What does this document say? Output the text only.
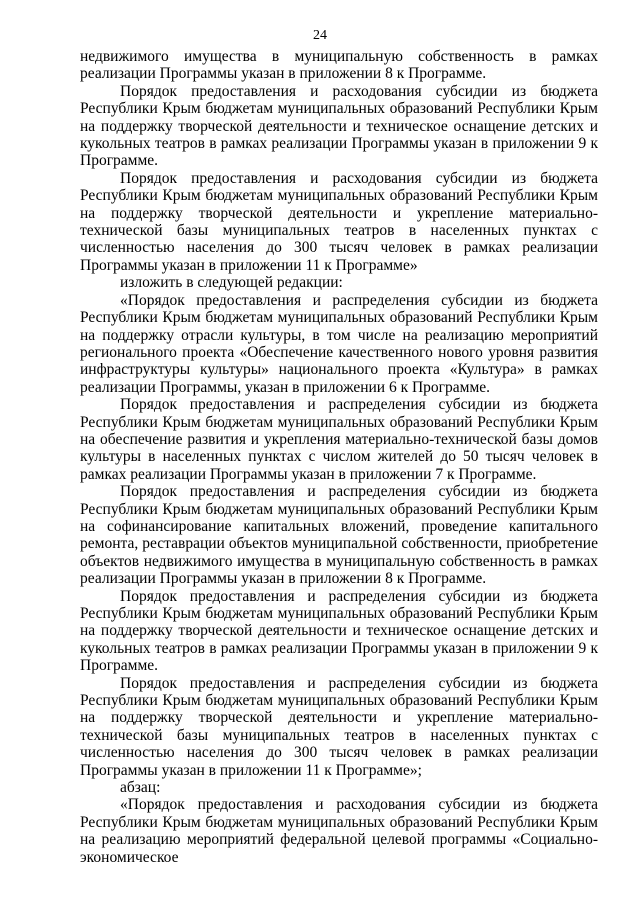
24

недвижимого имущества в муниципальную собственность в рамках реализации Программы указан в приложении 8 к Программе.

Порядок предоставления и расходования субсидии из бюджета Республики Крым бюджетам муниципальных образований Республики Крым на поддержку творческой деятельности и техническое оснащение детских и кукольных театров в рамках реализации Программы указан в приложении 9 к Программе.

Порядок предоставления и расходования субсидии из бюджета Республики Крым бюджетам муниципальных образований Республики Крым на поддержку творческой деятельности и укрепление материально-технической базы муниципальных театров в населенных пунктах с численностью населения до 300 тысяч человек в рамках реализации Программы указан в приложении 11 к Программе»

изложить в следующей редакции:

«Порядок предоставления и распределения субсидии из бюджета Республики Крым бюджетам муниципальных образований Республики Крым на поддержку отрасли культуры, в том числе на реализацию мероприятий регионального проекта «Обеспечение качественного нового уровня развития инфраструктуры культуры» национального проекта «Культура» в рамках реализации Программы, указан в приложении 6 к Программе.

Порядок предоставления и распределения субсидии из бюджета Республики Крым бюджетам муниципальных образований Республики Крым на обеспечение развития и укрепления материально-технической базы домов культуры в населенных пунктах с числом жителей до 50 тысяч человек в рамках реализации Программы указан в приложении 7 к Программе.

Порядок предоставления и распределения субсидии из бюджета Республики Крым бюджетам муниципальных образований Республики Крым на софинансирование капитальных вложений, проведение капитального ремонта, реставрации объектов муниципальной собственности, приобретение объектов недвижимого имущества в муниципальную собственность в рамках реализации Программы указан в приложении 8 к Программе.

Порядок предоставления и распределения субсидии из бюджета Республики Крым бюджетам муниципальных образований Республики Крым на поддержку творческой деятельности и техническое оснащение детских и кукольных театров в рамках реализации Программы указан в приложении 9 к Программе.

Порядок предоставления и распределения субсидии из бюджета Республики Крым бюджетам муниципальных образований Республики Крым на поддержку творческой деятельности и укрепление материально-технической базы муниципальных театров в населенных пунктах с численностью населения до 300 тысяч человек в рамках реализации Программы указан в приложении 11 к Программе»;

абзац:

«Порядок предоставления и расходования субсидии из бюджета Республики Крым бюджетам муниципальных образований Республики Крым на реализацию мероприятий федеральной целевой программы «Социально-экономическое
